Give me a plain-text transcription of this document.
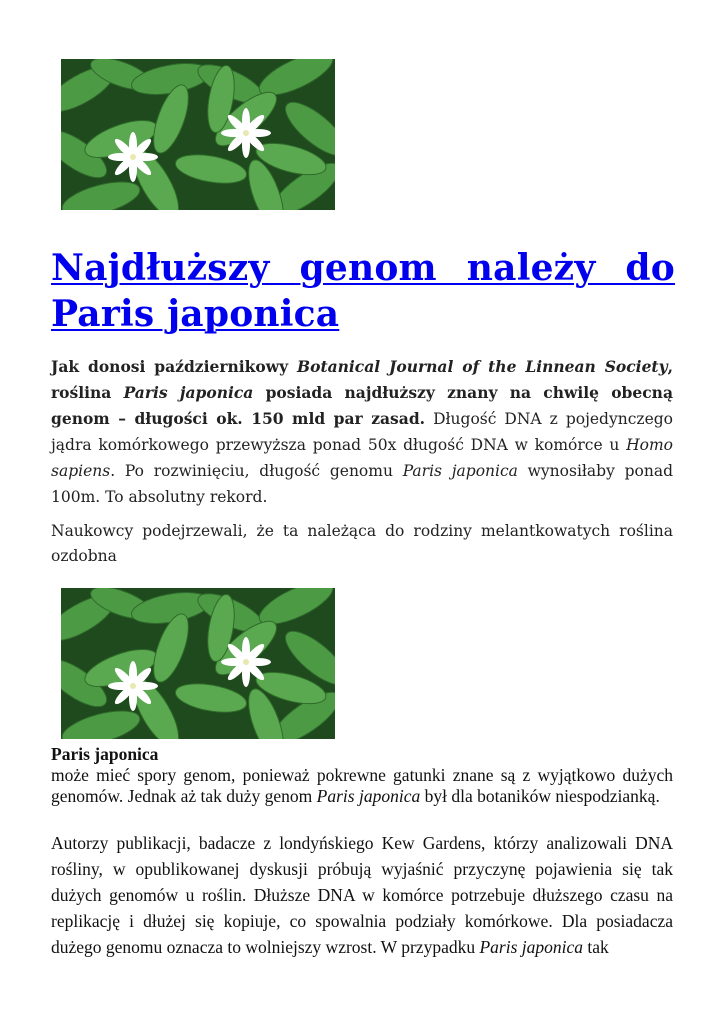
Najdłuższy genom należy do Paris japonica

Jak donosi październikowy Botanical Journal of the Linnean Society, roślina Paris japonica posiada najdłuższy znany na chwilę obecną genom – długości ok. 150 mld par zasad. Długość DNA z pojedynczego jądra komórkowego przewyższa ponad 50x długość DNA w komórce u Homo sapiens. Po rozwinięciu, długość genomu Paris japonica wynosiłaby ponad 100m. To absolutny rekord.

Naukowcy podejrzewali, że ta należąca do rodziny melantkowatych roślina ozdobna

Paris japonica

może mieć spory genom, ponieważ pokrewne gatunki znane są z wyjątkowo dużych genomów. Jednak aż tak duży genom Paris japonica był dla botaników niespodzianką.

Autorzy publikacji, badacze z londyńskiego Kew Gardens, którzy analizowali DNA rośliny, w opublikowanej dyskusji próbują wyjaśnić przyczynę pojawienia się tak dużych genomów u roślin. Dłuższe DNA w komórce potrzebuje dłuższego czasu na replikację i dłużej się kopiuje, co spowalnia podziały komórkowe. Dla posiadacza dużego genomu oznacza to wolniejszy wzrost. W przypadku Paris japonica tak
